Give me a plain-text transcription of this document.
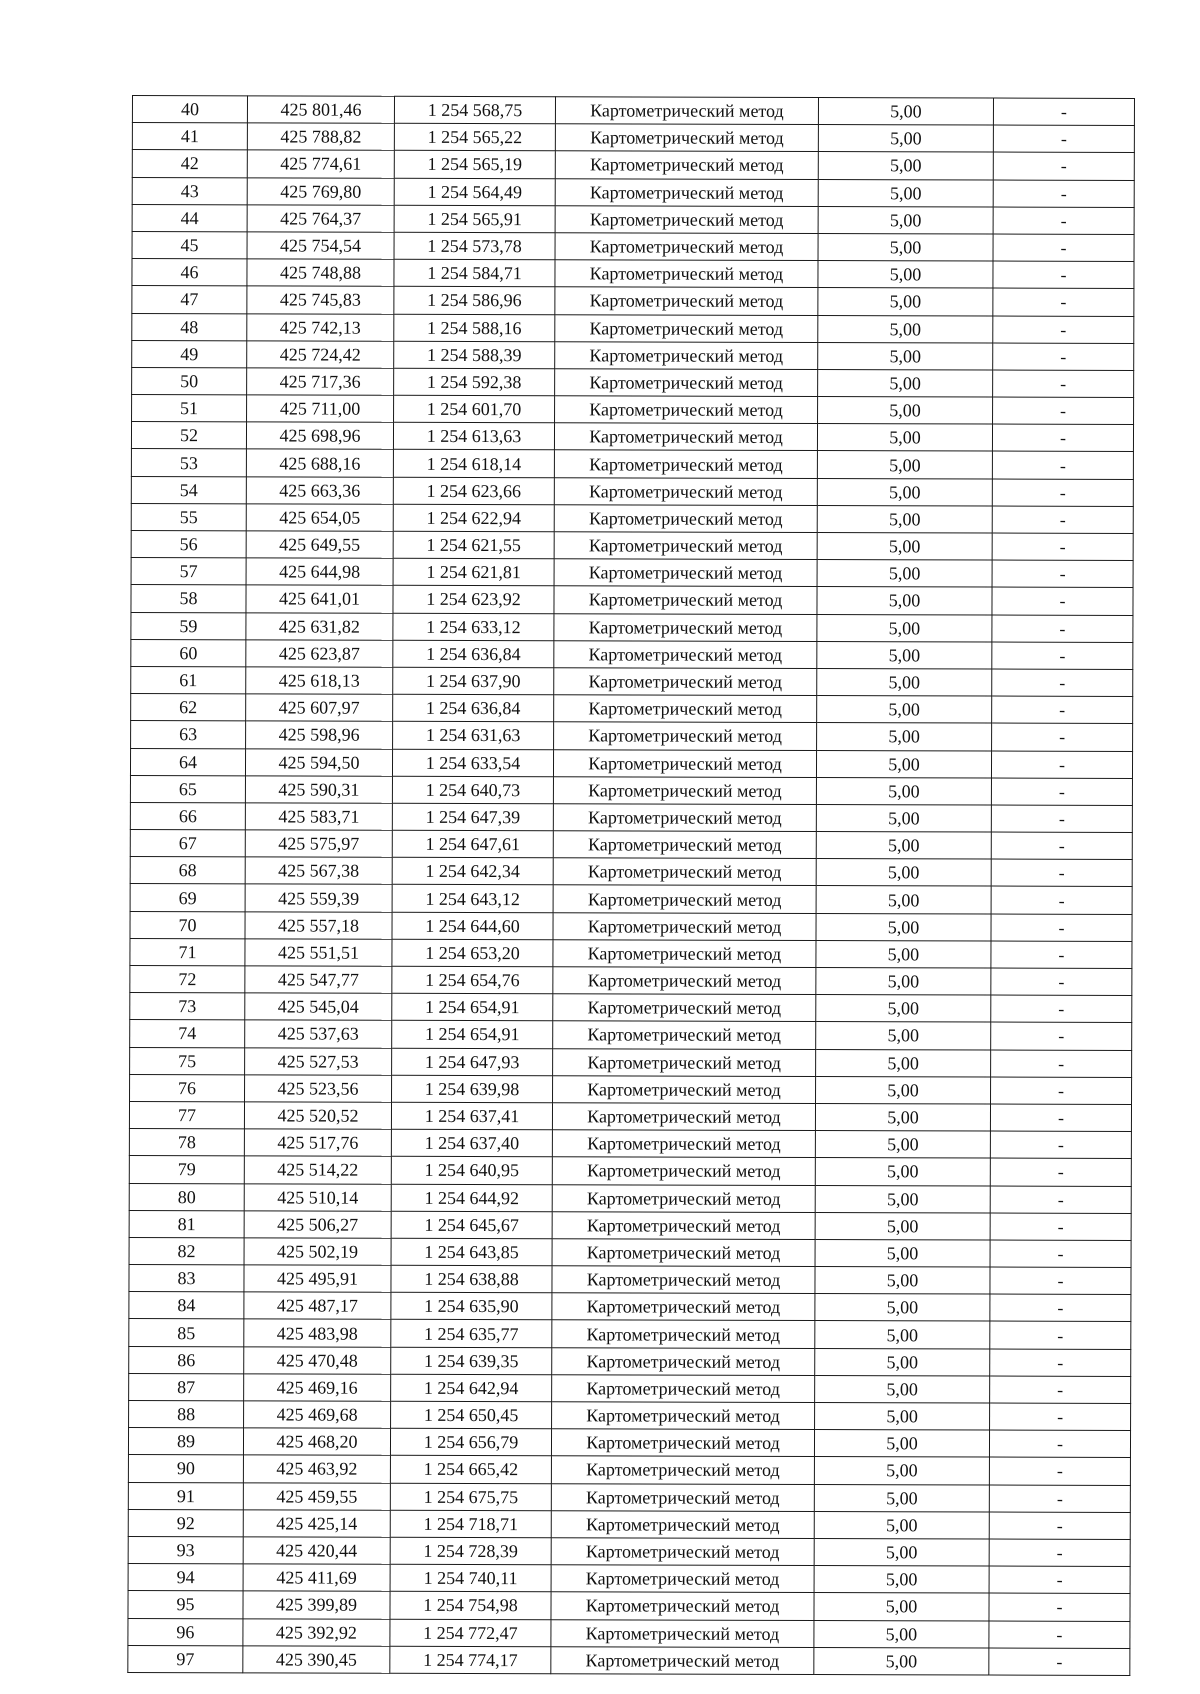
40	425 801,46	1 254 568,75	Картометрический метод	5,00	-
41	425 788,82	1 254 565,22	Картометрический метод	5,00	-
42	425 774,61	1 254 565,19	Картометрический метод	5,00	-
43	425 769,80	1 254 564,49	Картометрический метод	5,00	-
44	425 764,37	1 254 565,91	Картометрический метод	5,00	-
45	425 754,54	1 254 573,78	Картометрический метод	5,00	-
46	425 748,88	1 254 584,71	Картометрический метод	5,00	-
47	425 745,83	1 254 586,96	Картометрический метод	5,00	-
48	425 742,13	1 254 588,16	Картометрический метод	5,00	-
49	425 724,42	1 254 588,39	Картометрический метод	5,00	-
50	425 717,36	1 254 592,38	Картометрический метод	5,00	-
51	425 711,00	1 254 601,70	Картометрический метод	5,00	-
52	425 698,96	1 254 613,63	Картометрический метод	5,00	-
53	425 688,16	1 254 618,14	Картометрический метод	5,00	-
54	425 663,36	1 254 623,66	Картометрический метод	5,00	-
55	425 654,05	1 254 622,94	Картометрический метод	5,00	-
56	425 649,55	1 254 621,55	Картометрический метод	5,00	-
57	425 644,98	1 254 621,81	Картометрический метод	5,00	-
58	425 641,01	1 254 623,92	Картометрический метод	5,00	-
59	425 631,82	1 254 633,12	Картометрический метод	5,00	-
60	425 623,87	1 254 636,84	Картометрический метод	5,00	-
61	425 618,13	1 254 637,90	Картометрический метод	5,00	-
62	425 607,97	1 254 636,84	Картометрический метод	5,00	-
63	425 598,96	1 254 631,63	Картометрический метод	5,00	-
64	425 594,50	1 254 633,54	Картометрический метод	5,00	-
65	425 590,31	1 254 640,73	Картометрический метод	5,00	-
66	425 583,71	1 254 647,39	Картометрический метод	5,00	-
67	425 575,97	1 254 647,61	Картометрический метод	5,00	-
68	425 567,38	1 254 642,34	Картометрический метод	5,00	-
69	425 559,39	1 254 643,12	Картометрический метод	5,00	-
70	425 557,18	1 254 644,60	Картометрический метод	5,00	-
71	425 551,51	1 254 653,20	Картометрический метод	5,00	-
72	425 547,77	1 254 654,76	Картометрический метод	5,00	-
73	425 545,04	1 254 654,91	Картометрический метод	5,00	-
74	425 537,63	1 254 654,91	Картометрический метод	5,00	-
75	425 527,53	1 254 647,93	Картометрический метод	5,00	-
76	425 523,56	1 254 639,98	Картометрический метод	5,00	-
77	425 520,52	1 254 637,41	Картометрический метод	5,00	-
78	425 517,76	1 254 637,40	Картометрический метод	5,00	-
79	425 514,22	1 254 640,95	Картометрический метод	5,00	-
80	425 510,14	1 254 644,92	Картометрический метод	5,00	-
81	425 506,27	1 254 645,67	Картометрический метод	5,00	-
82	425 502,19	1 254 643,85	Картометрический метод	5,00	-
83	425 495,91	1 254 638,88	Картометрический метод	5,00	-
84	425 487,17	1 254 635,90	Картометрический метод	5,00	-
85	425 483,98	1 254 635,77	Картометрический метод	5,00	-
86	425 470,48	1 254 639,35	Картометрический метод	5,00	-
87	425 469,16	1 254 642,94	Картометрический метод	5,00	-
88	425 469,68	1 254 650,45	Картометрический метод	5,00	-
89	425 468,20	1 254 656,79	Картометрический метод	5,00	-
90	425 463,92	1 254 665,42	Картометрический метод	5,00	-
91	425 459,55	1 254 675,75	Картометрический метод	5,00	-
92	425 425,14	1 254 718,71	Картометрический метод	5,00	-
93	425 420,44	1 254 728,39	Картометрический метод	5,00	-
94	425 411,69	1 254 740,11	Картометрический метод	5,00	-
95	425 399,89	1 254 754,98	Картометрический метод	5,00	-
96	425 392,92	1 254 772,47	Картометрический метод	5,00	-
97	425 390,45	1 254 774,17	Картометрический метод	5,00	-
